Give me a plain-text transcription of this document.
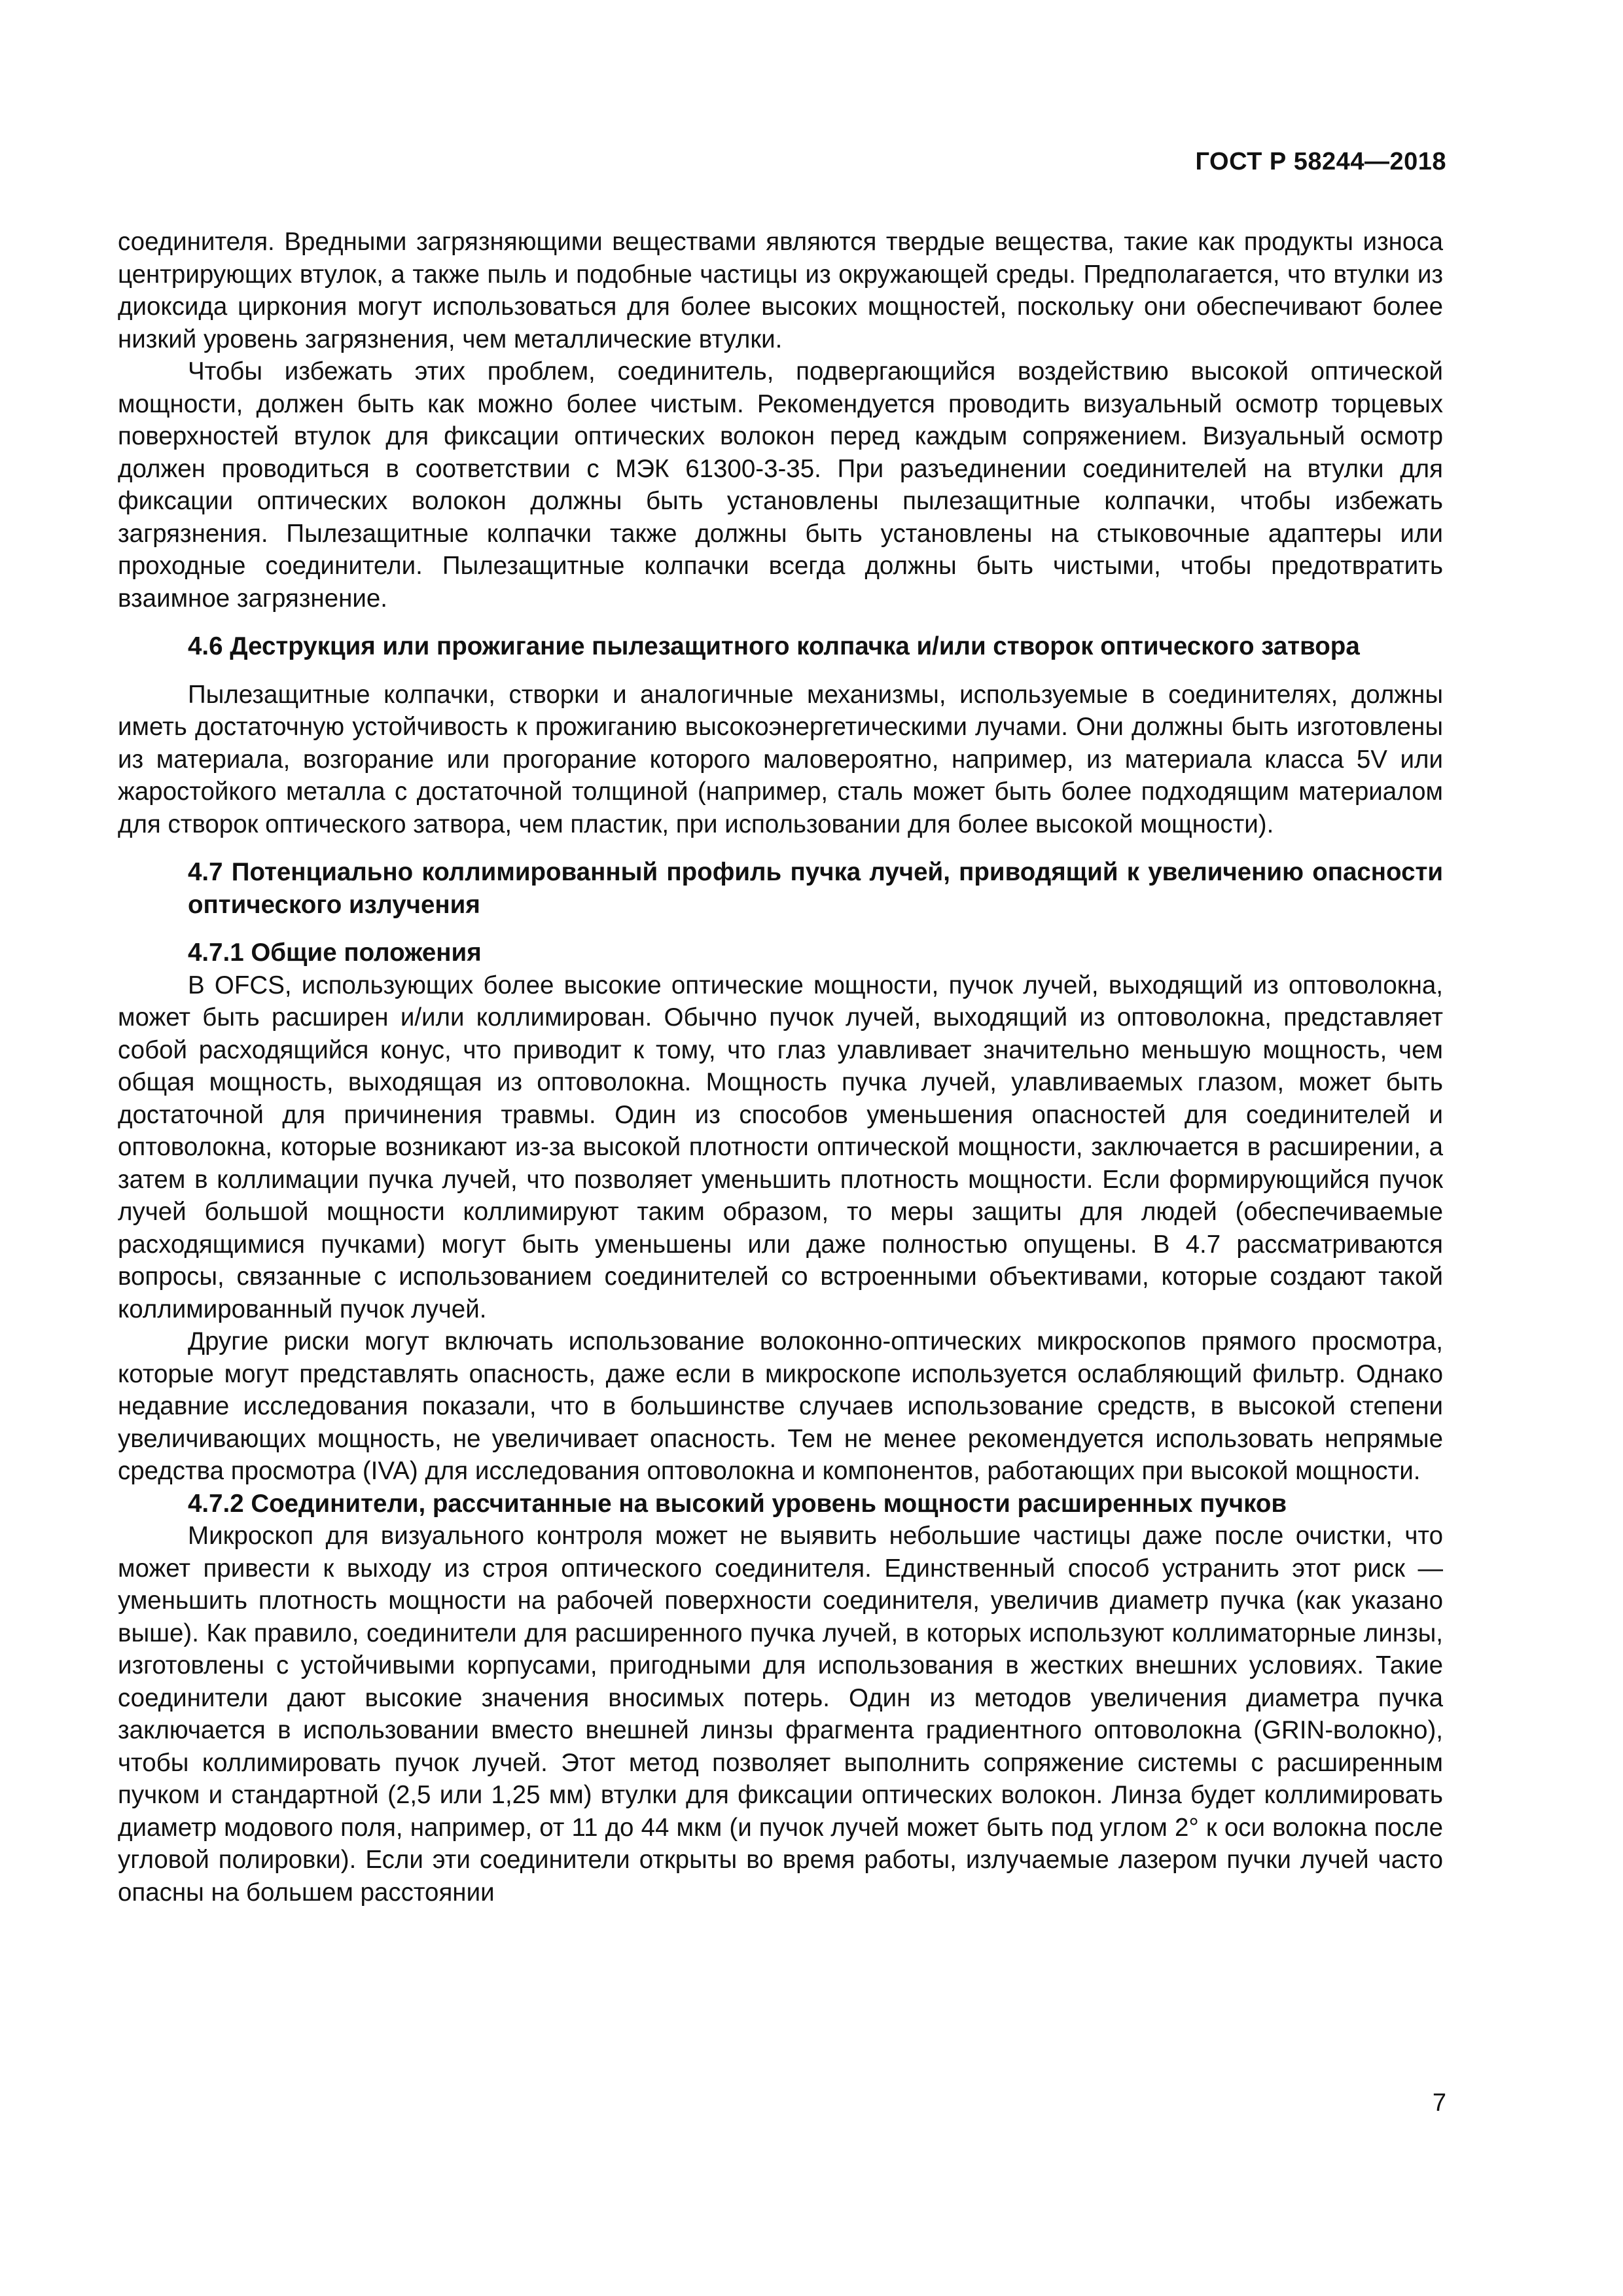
ГОСТ Р 58244—2018

соединителя. Вредными загрязняющими веществами являются твердые вещества, такие как продукты износа центрирующих втулок, а также пыль и подобные частицы из окружающей среды. Предполагается, что втулки из диоксида циркония могут использоваться для более высоких мощностей, поскольку они обеспечивают более низкий уровень загрязнения, чем металлические втулки.

Чтобы избежать этих проблем, соединитель, подвергающийся воздействию высокой оптической мощности, должен быть как можно более чистым. Рекомендуется проводить визуальный осмотр торцевых поверхностей втулок для фиксации оптических волокон перед каждым сопряжением. Визуальный осмотр должен проводиться в соответствии с МЭК 61300-3-35. При разъединении соединителей на втулки для фиксации оптических волокон должны быть установлены пылезащитные колпачки, чтобы избежать загрязнения. Пылезащитные колпачки также должны быть установлены на стыковочные адаптеры или проходные соединители. Пылезащитные колпачки всегда должны быть чистыми, чтобы предотвратить взаимное загрязнение.

4.6 Деструкция или прожигание пылезащитного колпачка и/или створок оптического затвора

Пылезащитные колпачки, створки и аналогичные механизмы, используемые в соединителях, должны иметь достаточную устойчивость к прожиганию высокоэнергетическими лучами. Они должны быть изготовлены из материала, возгорание или прогорание которого маловероятно, например, из материала класса 5V или жаростойкого металла с достаточной толщиной (например, сталь может быть более подходящим материалом для створок оптического затвора, чем пластик, при использовании для более высокой мощности).

4.7 Потенциально коллимированный профиль пучка лучей, приводящий к увеличению опасности оптического излучения

4.7.1 Общие положения

В OFCS, использующих более высокие оптические мощности, пучок лучей, выходящий из оптоволокна, может быть расширен и/или коллимирован. Обычно пучок лучей, выходящий из оптоволокна, представляет собой расходящийся конус, что приводит к тому, что глаз улавливает значительно меньшую мощность, чем общая мощность, выходящая из оптоволокна. Мощность пучка лучей, улавливаемых глазом, может быть достаточной для причинения травмы. Один из способов уменьшения опасностей для соединителей и оптоволокна, которые возникают из-за высокой плотности оптической мощности, заключается в расширении, а затем в коллимации пучка лучей, что позволяет уменьшить плотность мощности. Если формирующийся пучок лучей большой мощности коллимируют таким образом, то меры защиты для людей (обеспечиваемые расходящимися пучками) могут быть уменьшены или даже полностью опущены. В 4.7 рассматриваются вопросы, связанные с использованием соединителей со встроенными объективами, которые создают такой коллимированный пучок лучей.

Другие риски могут включать использование волоконно-оптических микроскопов прямого просмотра, которые могут представлять опасность, даже если в микроскопе используется ослабляющий фильтр. Однако недавние исследования показали, что в большинстве случаев использование средств, в высокой степени увеличивающих мощность, не увеличивает опасность. Тем не менее рекомендуется использовать непрямые средства просмотра (IVA) для исследования оптоволокна и компонентов, работающих при высокой мощности.

4.7.2 Соединители, рассчитанные на высокий уровень мощности расширенных пучков

Микроскоп для визуального контроля может не выявить небольшие частицы даже после очистки, что может привести к выходу из строя оптического соединителя. Единственный способ устранить этот риск — уменьшить плотность мощности на рабочей поверхности соединителя, увеличив диаметр пучка (как указано выше). Как правило, соединители для расширенного пучка лучей, в которых используют коллиматорные линзы, изготовлены с устойчивыми корпусами, пригодными для использования в жестких внешних условиях. Такие соединители дают высокие значения вносимых потерь. Один из методов увеличения диаметра пучка заключается в использовании вместо внешней линзы фрагмента градиентного оптоволокна (GRIN-волокно), чтобы коллимировать пучок лучей. Этот метод позволяет выполнить сопряжение системы с расширенным пучком и стандартной (2,5 или 1,25 мм) втулки для фиксации оптических волокон. Линза будет коллимировать диаметр модового поля, например, от 11 до 44 мкм (и пучок лучей может быть под углом 2° к оси волокна после угловой полировки). Если эти соединители открыты во время работы, излучаемые лазером пучки лучей часто опасны на большем расстоянии

7
